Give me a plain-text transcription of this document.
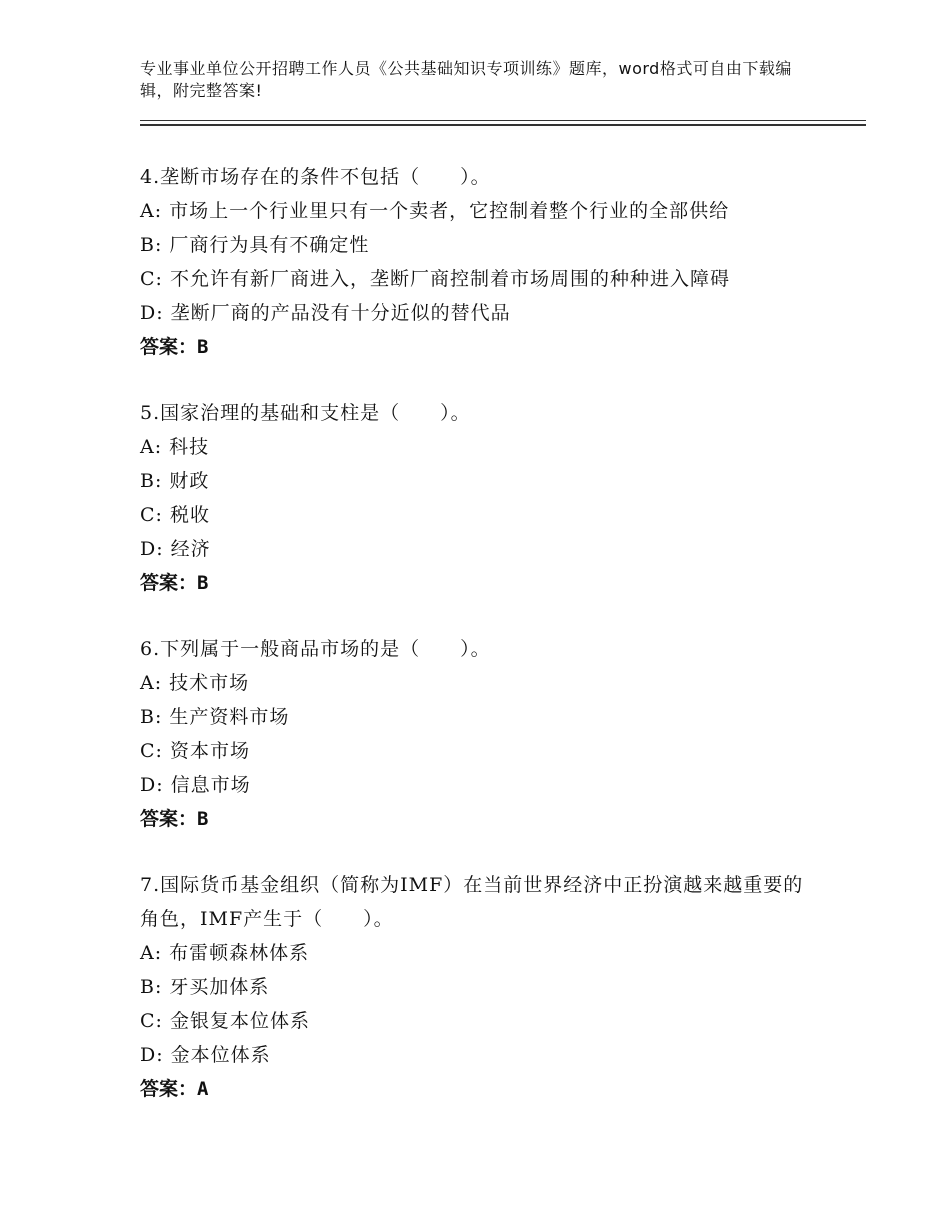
专业事业单位公开招聘工作人员《公共基础知识专项训练》题库，word格式可自由下载编辑，附完整答案!

4.垄断市场存在的条件不包括（　　）。

A: 市场上一个行业里只有一个卖者，它控制着整个行业的全部供给

B: 厂商行为具有不确定性

C: 不允许有新厂商进入，垄断厂商控制着市场周围的种种进入障碍

D: 垄断厂商的产品没有十分近似的替代品

答案：B

5.国家治理的基础和支柱是（　　）。

A: 科技

B: 财政

C: 税收

D: 经济

答案：B

6.下列属于一般商品市场的是（　　）。

A: 技术市场

B: 生产资料市场

C: 资本市场

D: 信息市场

答案：B

7.国际货币基金组织（简称为IMF）在当前世界经济中正扮演越来越重要的角色，IMF产生于（　　）。

A: 布雷顿森林体系

B: 牙买加体系

C: 金银复本位体系

D: 金本位体系

答案：A
